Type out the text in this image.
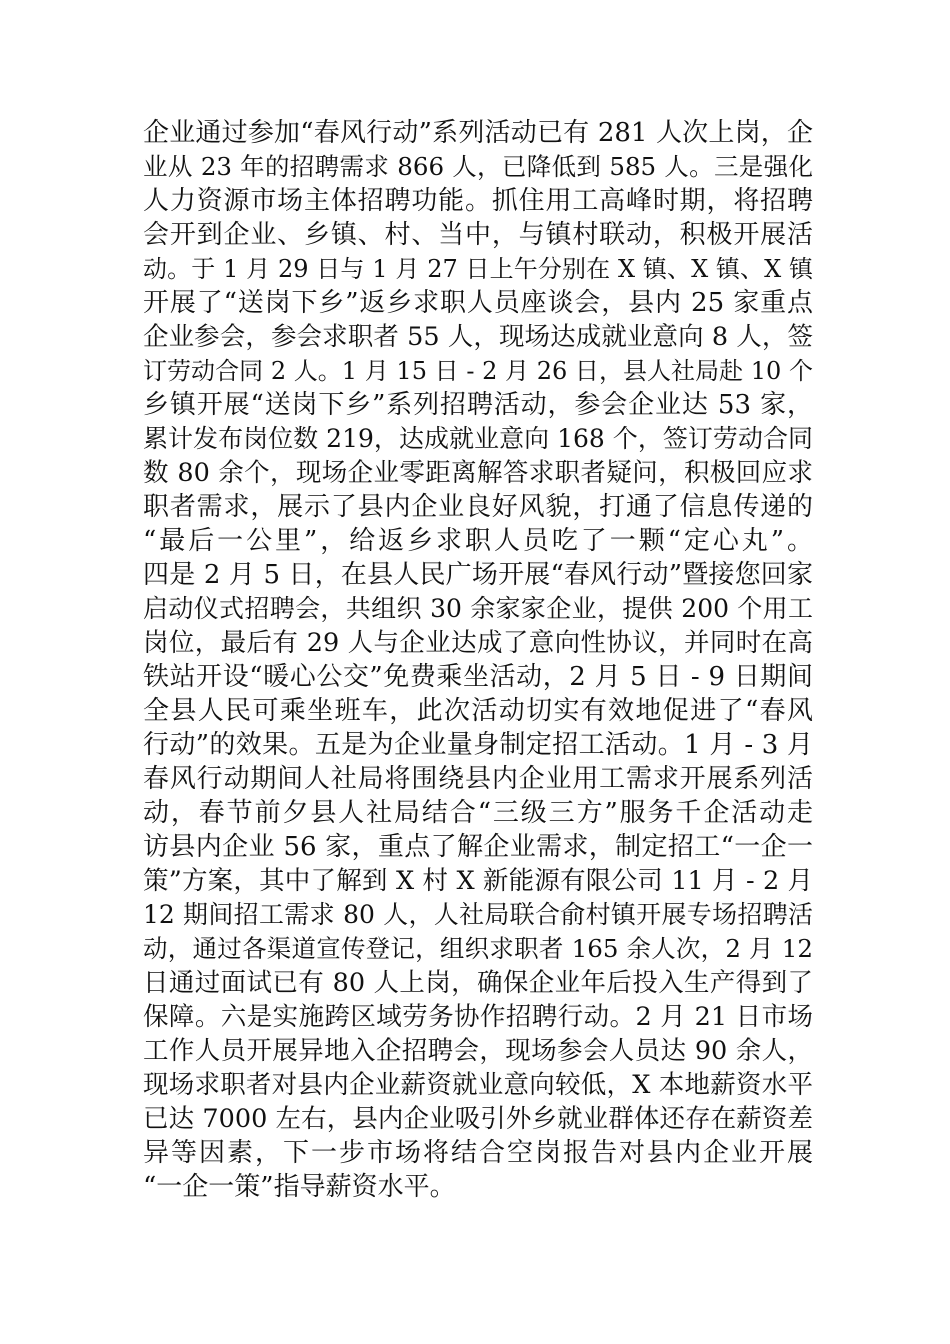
企业通过参加“春风行动”系列活动已有 281 人次上岗，企
业从 23 年的招聘需求 866 人，已降低到 585 人。三是强化
人力资源市场主体招聘功能。抓住用工高峰时期，将招聘
会开到企业、乡镇、村、当中，与镇村联动，积极开展活
动。于 1 月 29 日与 1 月 27 日上午分别在 X 镇、X 镇、X 镇
开展了“送岗下乡”返乡求职人员座谈会，县内 25 家重点
企业参会，参会求职者 55 人，现场达成就业意向 8 人，签
订劳动合同 2 人。1 月 15 日 - 2 月 26 日，县人社局赴 10 个
乡镇开展“送岗下乡”系列招聘活动，参会企业达 53 家，
累计发布岗位数 219，达成就业意向 168 个，签订劳动合同
数 80 余个，现场企业零距离解答求职者疑问，积极回应求
职者需求，展示了县内企业良好风貌，打通了信息传递的
“最后一公里”，给返乡求职人员吃了一颗“定心丸”。
四是 2 月 5 日，在县人民广场开展“春风行动”暨接您回家
启动仪式招聘会，共组织 30 余家家企业，提供 200 个用工
岗位，最后有 29 人与企业达成了意向性协议，并同时在高
铁站开设“暖心公交”免费乘坐活动，2 月 5 日 - 9 日期间
全县人民可乘坐班车，此次活动切实有效地促进了“春风
行动”的效果。五是为企业量身制定招工活动。1 月 - 3 月
春风行动期间人社局将围绕县内企业用工需求开展系列活
动，春节前夕县人社局结合“三级三方”服务千企活动走
访县内企业 56 家，重点了解企业需求，制定招工“一企一
策”方案，其中了解到 X 村 X 新能源有限公司 11 月 - 2 月
12 期间招工需求 80 人，人社局联合俞村镇开展专场招聘活
动，通过各渠道宣传登记，组织求职者 165 余人次，2 月 12
日通过面试已有 80 人上岗，确保企业年后投入生产得到了
保障。六是实施跨区域劳务协作招聘行动。2 月 21 日市场
工作人员开展异地入企招聘会，现场参会人员达 90 余人，
现场求职者对县内企业薪资就业意向较低，X 本地薪资水平
已达 7000 左右，县内企业吸引外乡就业群体还存在薪资差
异等因素，下一步市场将结合空岗报告对县内企业开展
“一企一策”指导薪资水平。
